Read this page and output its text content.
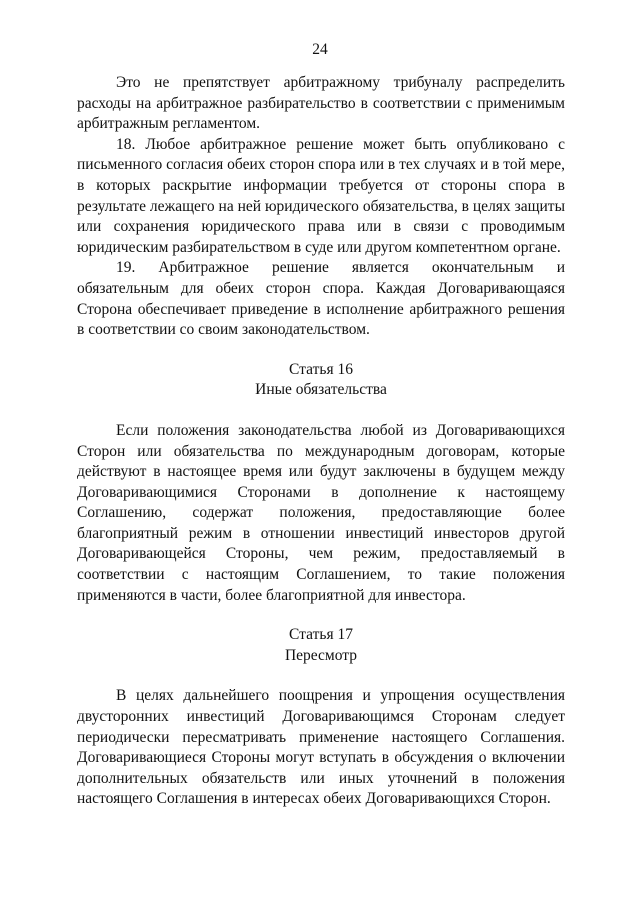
24

Это не препятствует арбитражному трибуналу распределить расходы на арбитражное разбирательство в соответствии с применимым арбитражным регламентом.

18. Любое арбитражное решение может быть опубликовано с письменного согласия обеих сторон спора или в тех случаях и в той мере, в которых раскрытие информации требуется от стороны спора в результате лежащего на ней юридического обязательства, в целях защиты или сохранения юридического права или в связи с проводимым юридическим разбирательством в суде или другом компетентном органе.

19. Арбитражное решение является окончательным и обязательным для обеих сторон спора. Каждая Договаривающаяся Сторона обеспечивает приведение в исполнение арбитражного решения в соответствии со своим законодательством.

Статья 16
Иные обязательства

Если положения законодательства любой из Договаривающихся Сторон или обязательства по международным договорам, которые действуют в настоящее время или будут заключены в будущем между Договаривающимися Сторонами в дополнение к настоящему Соглашению, содержат положения, предоставляющие более благоприятный режим в отношении инвестиций инвесторов другой Договаривающейся Стороны, чем режим, предоставляемый в соответствии с настоящим Соглашением, то такие положения применяются в части, более благоприятной для инвестора.

Статья 17
Пересмотр

В целях дальнейшего поощрения и упрощения осуществления двусторонних инвестиций Договаривающимся Сторонам следует периодически пересматривать применение настоящего Соглашения. Договаривающиеся Стороны могут вступать в обсуждения о включении дополнительных обязательств или иных уточнений в положения настоящего Соглашения в интересах обеих Договаривающихся Сторон.
